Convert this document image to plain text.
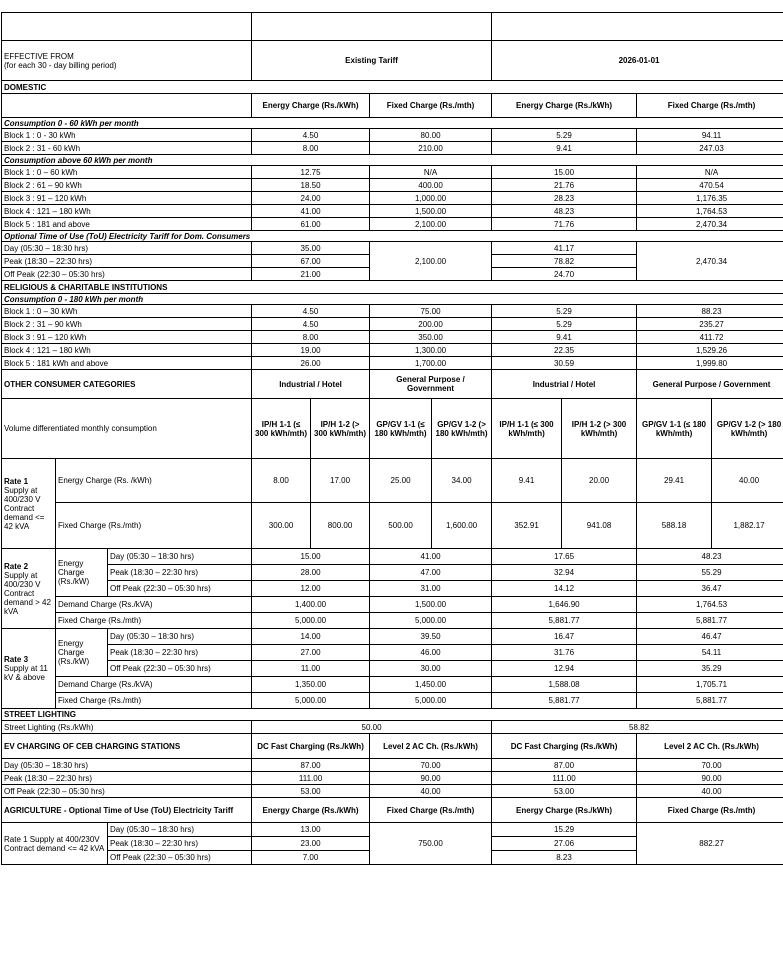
EFFECTIVE FROM
(for each 30 - day billing period)			Existing Tariff				2026-01-01			
DOMESTIC										
			Energy Charge (Rs./kWh)		Fixed Charge (Rs./mth)		Energy Charge (Rs./kWh)		Fixed Charge (Rs./mth)	
Consumption 0 - 60 kWh per month										
Block 1 : 0 - 30 kWh			4.50		80.00		5.29		94.11	
Block 2 : 31 - 60 kWh			8.00		210.00		9.41		247.03	
Consumption above 60 kWh per month										
Block 1 : 0 – 60 kWh			12.75		N/A		15.00		N/A	
Block 2 : 61 – 90 kWh			18.50		400.00		21.76		470.54	
Block 3 : 91 – 120 kWh			24.00		1,000.00		28.23		1,176.35	
Block 4 : 121 – 180 kWh			41.00		1,500.00		48.23		1,764.53	
Block 5 : 181 and above			61.00		2,100.00		71.76		2,470.34	
Optional Time of Use (ToU) Electricity Tariff for Dom. Consumers										
Day (05:30 – 18:30 hrs)			35.00		2,100.00		41.17		2,470.34	
Peak (18:30 – 22:30 hrs)			67.00				78.82			
Off Peak (22:30 – 05:30 hrs)			21.00				24.70			
RELIGIOUS & CHARITABLE INSTITUTIONS										
Consumption 0 - 180 kWh per month										
Block 1 : 0 – 30 kWh			4.50		75.00		5.29		88.23	
Block 2 : 31 – 90 kWh			4.50		200.00		5.29		235.27	
Block 3 : 91 – 120 kWh			8.00		350.00		9.41		411.72	
Block 4 : 121 – 180 kWh			19.00		1,300.00		22.35		1,529.26	
Block 5 : 181 kWh and above			26.00		1,700.00		30.59		1,999.80	
OTHER CONSUMER CATEGORIES			Industrial / Hotel		General Purpose / Government		Industrial / Hotel		General Purpose / Government	
Volume differentiated monthly consumption			IP/H 1-1 (≤ 300 kWh/mth)	IP/H 1-2 (> 300 kWh/mth)	GP/GV 1-1 (≤ 180 kWh/mth)	GP/GV 1-2 (> 180 kWh/mth)	IP/H 1-1 (≤ 300 kWh/mth)	IP/H 1-2 (> 300 kWh/mth)	GP/GV 1-1 (≤ 180 kWh/mth)	GP/GV 1-2 (> 180 kWh/mth)

Rate 1
Supply at 400/230 V Contract demand <= 42 kVA	Energy Charge (Rs. /kWh)		8.00	17.00	25.00	34.00	9.41	20.00	29.41	40.00
	Fixed Charge (Rs./mth)		300.00	800.00	500.00	1,600.00	352.91	941.08	588.18	1,882.17

Rate 2
Supply at 400/230 V Contract demand > 42 kVA	Energy Charge (Rs./kW)	Day (05:30 – 18:30 hrs)	15.00		41.00		17.65		48.23	
		Peak (18:30 – 22:30 hrs)	28.00		47.00		32.94		55.29	
		Off Peak (22:30 – 05:30 hrs)	12.00		31.00		14.12		36.47	
	Demand Charge (Rs./kVA)		1,400.00		1,500.00		1,646.90		1,764.53	
	Fixed Charge (Rs./mth)		5,000.00		5,000.00		5,881.77		5,881.77	

Rate 3
Supply at 11 kV & above	Energy Charge (Rs./kW)	Day (05:30 – 18:30 hrs)	14.00		39.50		16.47		46.47	
		Peak (18:30 – 22:30 hrs)	27.00		46.00		31.76		54.11	
		Off Peak (22:30 – 05:30 hrs)	11.00		30.00		12.94		35.29	
	Demand Charge (Rs./kVA)		1,350.00		1,450.00		1,588.08		1,705.71	
	Fixed Charge (Rs./mth)		5,000.00		5,000.00		5,881.77		5,881.77	
STREET LIGHTING										
Street Lighting (Rs./kWh)			50.00				58.82			
EV CHARGING OF CEB CHARGING STATIONS			DC Fast Charging (Rs./kWh)		Level 2 AC Ch. (Rs./kWh)		DC Fast Charging (Rs./kWh)		Level 2 AC Ch. (Rs./kWh)	
Day (05:30 – 18:30 hrs)			87.00		70.00		87.00		70.00	
Peak (18:30 – 22:30 hrs)			111.00		90.00		111.00		90.00	
Off Peak (22:30 – 05:30 hrs)			53.00		40.00		53.00		40.00	
AGRICULTURE - Optional Time of Use (ToU) Electricity Tariff			Energy Charge (Rs./kWh)		Fixed Charge (Rs./mth)		Energy Charge (Rs./kWh)		Fixed Charge (Rs./mth)	
Rate 1 Supply at 400/230V Contract demand <= 42 kVA		Day (05:30 – 18:30 hrs)	13.00		750.00		15.29		882.27	
		Peak (18:30 – 22:30 hrs)	23.00				27.06			
		Off Peak (22:30 – 05:30 hrs)	7.00				8.23			
